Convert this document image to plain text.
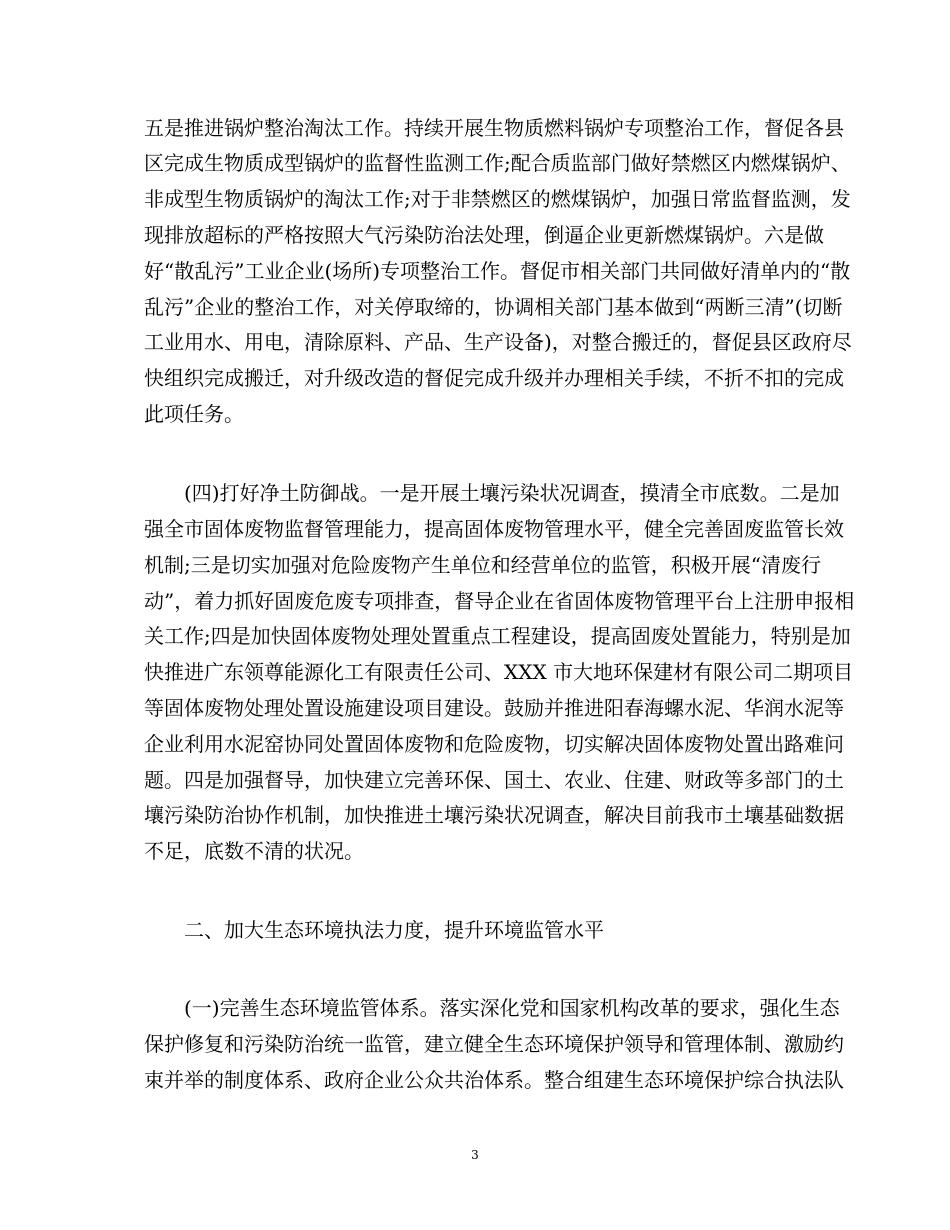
五是推进锅炉整治淘汰工作。持续开展生物质燃料锅炉专项整治工作，督促各县
区完成生物质成型锅炉的监督性监测工作;配合质监部门做好禁燃区内燃煤锅炉、
非成型生物质锅炉的淘汰工作;对于非禁燃区的燃煤锅炉，加强日常监督监测，发
现排放超标的严格按照大气污染防治法处理，倒逼企业更新燃煤锅炉。六是做
好“散乱污”工业企业(场所)专项整治工作。督促市相关部门共同做好清单内的“散
乱污”企业的整治工作，对关停取缔的，协调相关部门基本做到“两断三清”(切断
工业用水、用电，清除原料、产品、生产设备)，对整合搬迁的，督促县区政府尽
快组织完成搬迁，对升级改造的督促完成升级并办理相关手续，不折不扣的完成
此项任务。
(四)打好净土防御战。一是开展土壤污染状况调查，摸清全市底数。二是加
强全市固体废物监督管理能力，提高固体废物管理水平，健全完善固废监管长效
机制;三是切实加强对危险废物产生单位和经营单位的监管，积极开展“清废行
动”，着力抓好固废危废专项排查，督导企业在省固体废物管理平台上注册申报相
关工作;四是加快固体废物处理处置重点工程建设，提高固废处置能力，特别是加
快推进广东领尊能源化工有限责任公司、XXX 市大地环保建材有限公司二期项目
等固体废物处理处置设施建设项目建设。鼓励并推进阳春海螺水泥、华润水泥等
企业利用水泥窑协同处置固体废物和危险废物，切实解决固体废物处置出路难问
题。四是加强督导，加快建立完善环保、国土、农业、住建、财政等多部门的土
壤污染防治协作机制，加快推进土壤污染状况调查，解决目前我市土壤基础数据
不足，底数不清的状况。
二、加大生态环境执法力度，提升环境监管水平
(一)完善生态环境监管体系。落实深化党和国家机构改革的要求，强化生态
保护修复和污染防治统一监管，建立健全生态环境保护领导和管理体制、激励约
束并举的制度体系、政府企业公众共治体系。整合组建生态环境保护综合执法队
3
